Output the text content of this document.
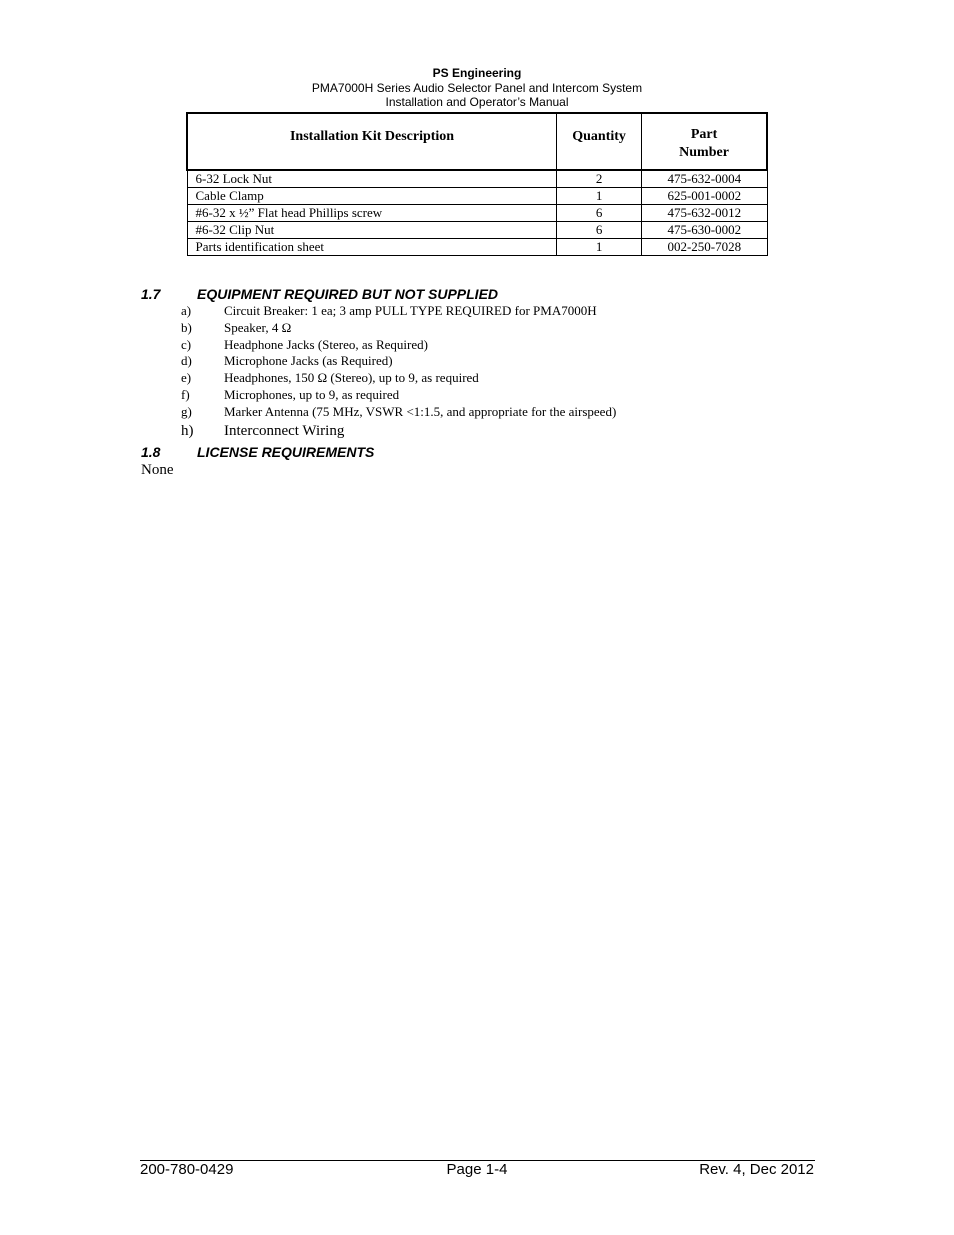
PS Engineering
PMA7000H Series Audio Selector Panel and Intercom System
Installation and Operator’s Manual
Installation Kit Description	Quantity	Part
Number
6-32 Lock Nut	2	475-632-0004
Cable Clamp	1	625-001-0002
#6-32 x ½” Flat head Phillips screw	6	475-632-0012
#6-32 Clip Nut	6	475-630-0002
Parts identification sheet	1	002-250-7028
1.7	EQUIPMENT REQUIRED BUT NOT SUPPLIED
a)	Circuit Breaker: 1 ea; 3 amp PULL TYPE REQUIRED for PMA7000H
b) Speaker, 4 Ω
c)	Headphone Jacks (Stereo, as Required)
d) Microphone Jacks (as Required)
e)	Headphones, 150 Ω (Stereo), up to 9, as required
f)	Microphones, up to 9, as required
g) Marker Antenna (75 MHz, VSWR <1:1.5, and appropriate for the airspeed)
h) Interconnect Wiring
1.8	LICENSE REQUIREMENTS
None
200-780-0429	Page 1-4	Rev. 4, Dec 2012
